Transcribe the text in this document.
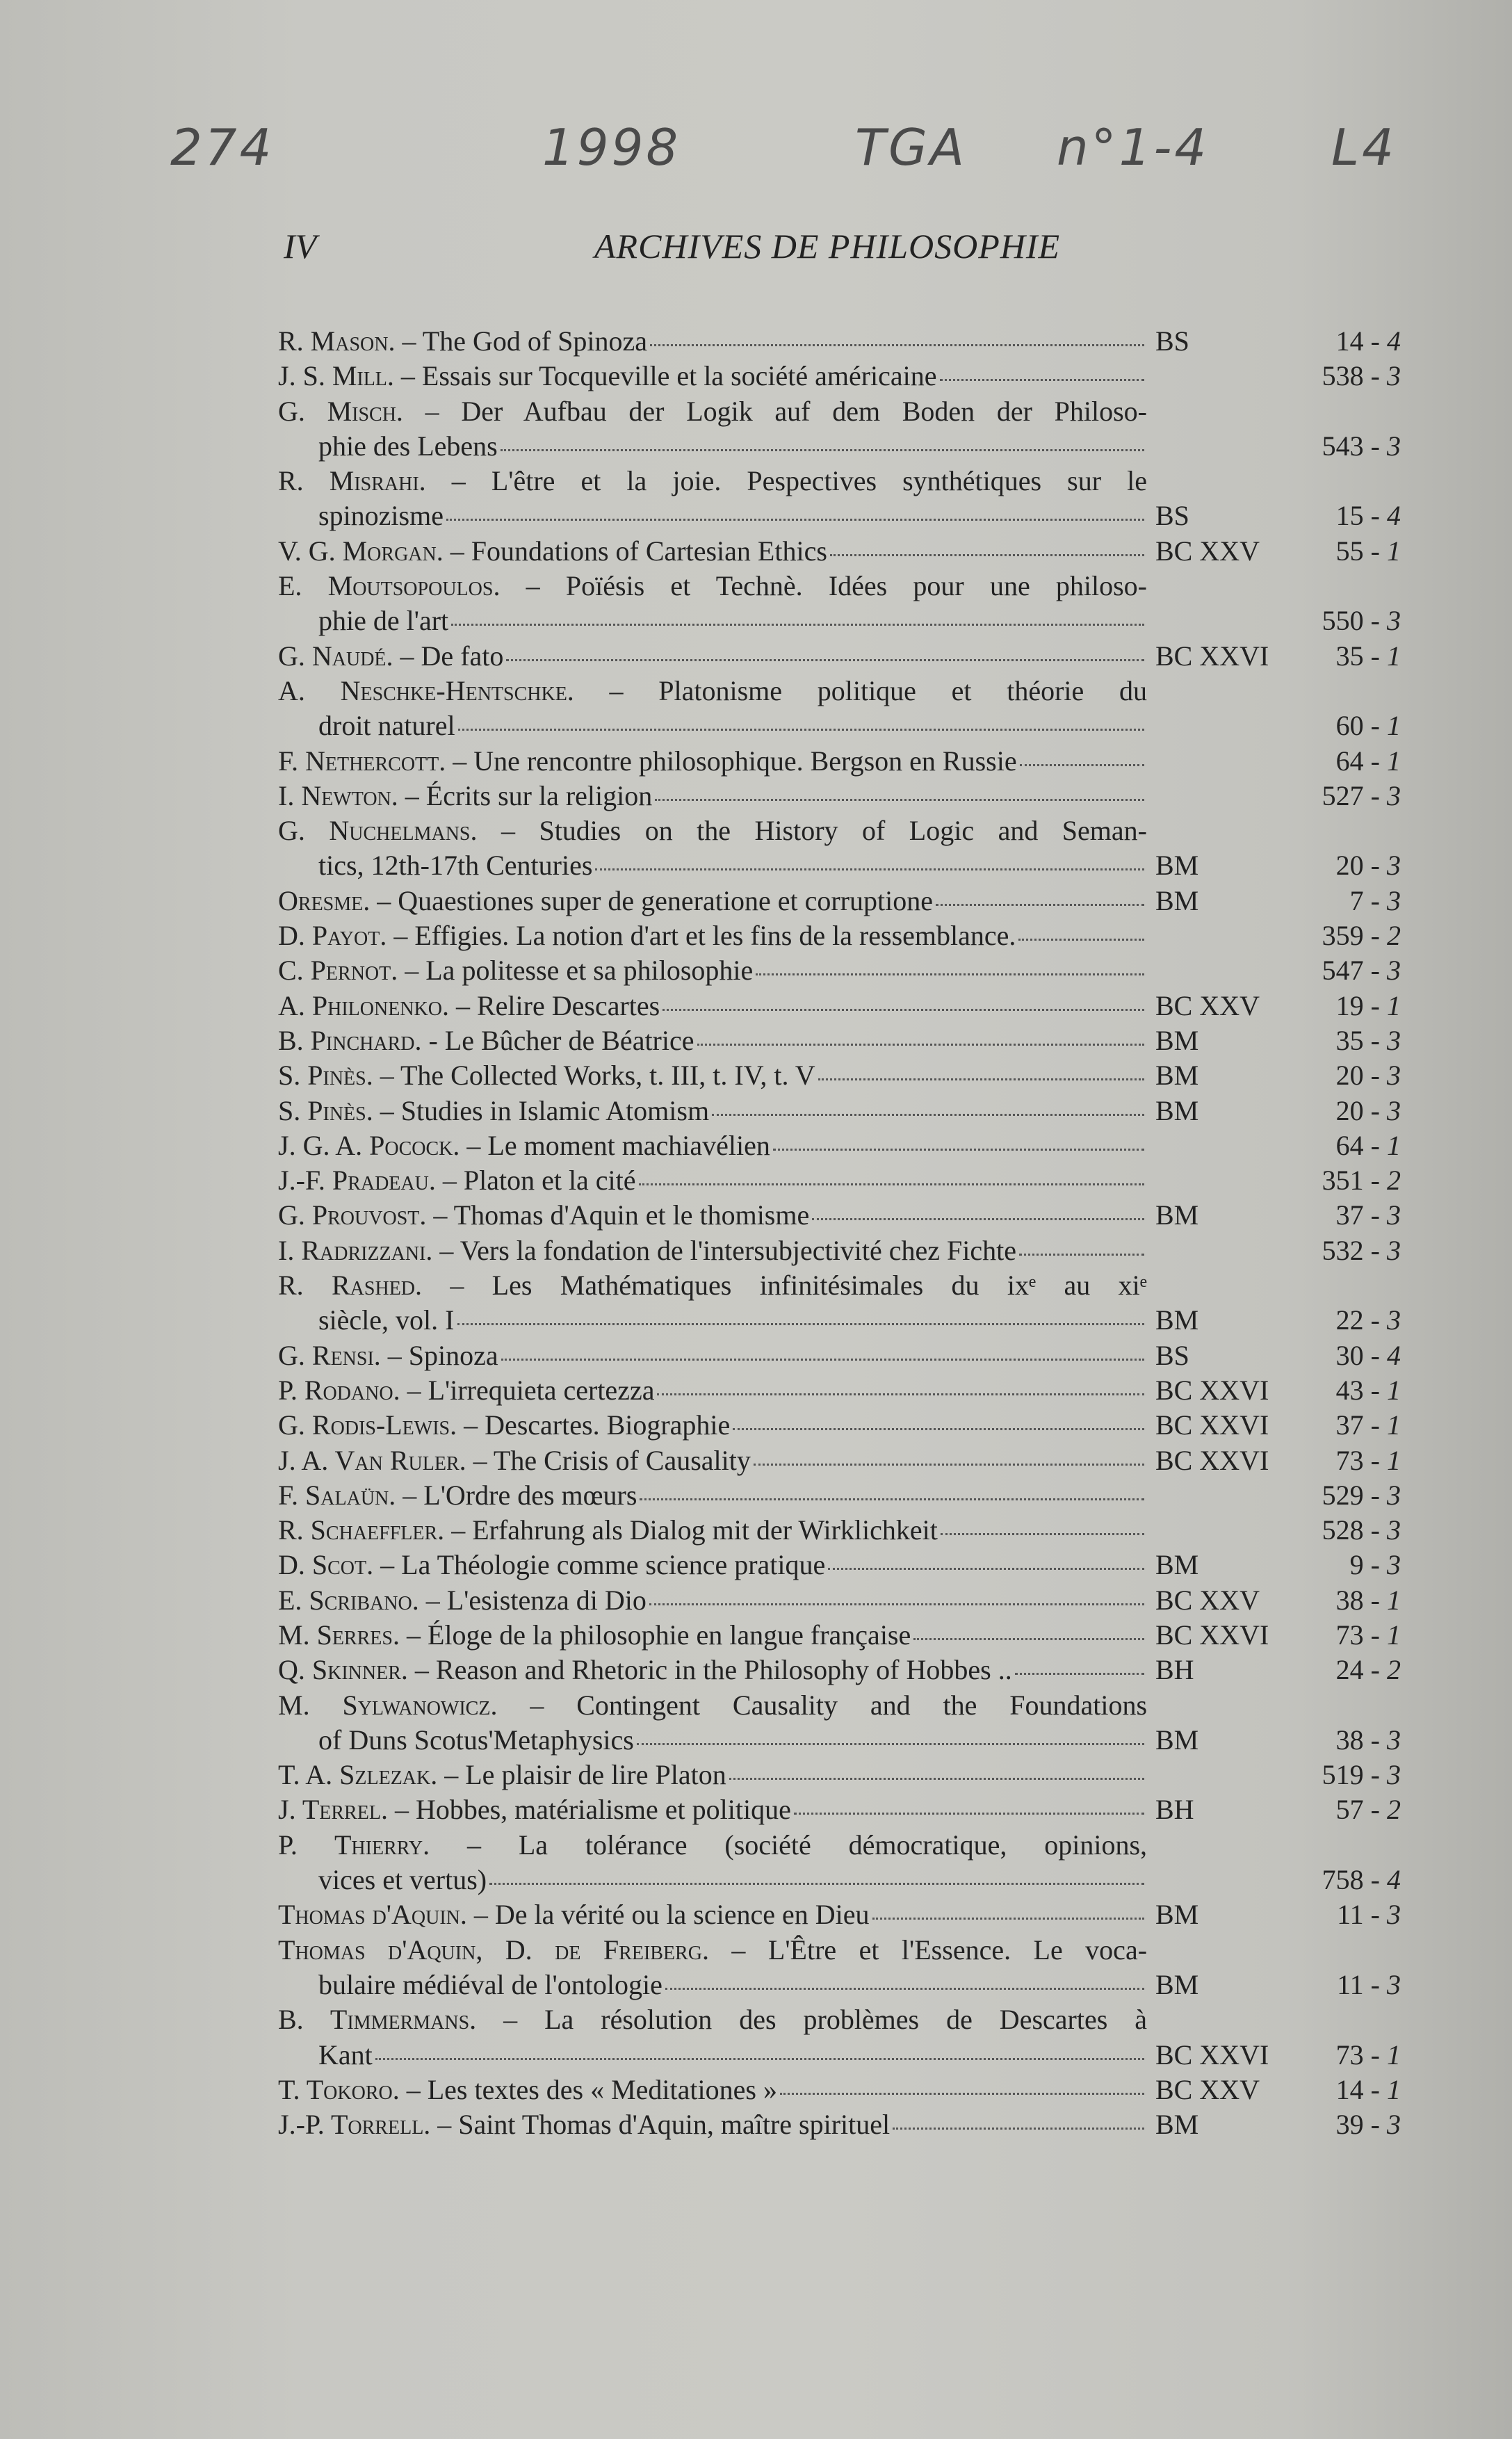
274	1998	TGA n°1-4 L4
IV	ARCHIVES DE PHILOSOPHIE
R. Mason. – The God of Spinoza	BS	14 - 4
J. S. Mill. – Essais sur Tocqueville et la société américaine	538 - 3
G. Misch. – Der Aufbau der Logik auf dem Boden der Philoso-
phie des Lebens	543 - 3
R. Misrahi. – L'être et la joie. Pespectives synthétiques sur le
spinozisme	BS	15 - 4
V. G. Morgan. – Foundations of Cartesian Ethics	BC XXV	55 - 1
E. Moutsopoulos. – Poïésis et Technè. Idées pour une philoso-
phie de l'art	550 - 3
G. Naudé. – De fato	BC XXVI	35 - 1
A. Neschke-Hentschke. – Platonisme politique et théorie du
droit naturel	60 - 1
F. Nethercott. – Une rencontre philosophique. Bergson en Russie	64 - 1
I. Newton. – Écrits sur la religion	527 - 3
G. Nuchelmans. – Studies on the History of Logic and Seman-
tics, 12th-17th Centuries	BM	20 - 3
Oresme. – Quaestiones super de generatione et corruptione	BM	7 - 3
D. Payot. – Effigies. La notion d'art et les fins de la ressemblance.	359 - 2
C. Pernot. – La politesse et sa philosophie	547 - 3
A. Philonenko. – Relire Descartes	BC XXV	19 - 1
B. Pinchard. - Le Bûcher de Béatrice	BM	35 - 3
S. Pinès. – The Collected Works, t. III, t. IV, t. V	BM	20 - 3
S. Pinès. – Studies in Islamic Atomism	BM	20 - 3
J. G. A. Pocock. – Le moment machiavélien	64 - 1
J.-F. Pradeau. – Platon et la cité	351 - 2
G. Prouvost. – Thomas d'Aquin et le thomisme	BM	37 - 3
I. Radrizzani. – Vers la fondation de l'intersubjectivité chez Fichte	532 - 3
R. Rashed. – Les Mathématiques infinitésimales du ixᵉ au xiᵉ
siècle, vol. I	BM	22 - 3
G. Rensi. – Spinoza	BS	30 - 4
P. Rodano. – L'irrequieta certezza	BC XXVI	43 - 1
G. Rodis-Lewis. – Descartes. Biographie	BC XXVI	37 - 1
J. A. Van Ruler. – The Crisis of Causality	BC XXVI	73 - 1
F. Salaün. – L'Ordre des mœurs	529 - 3
R. Schaeffler. – Erfahrung als Dialog mit der Wirklichkeit	528 - 3
D. Scot. – La Théologie comme science pratique	BM	9 - 3
E. Scribano. – L'esistenza di Dio	BC XXV	38 - 1
M. Serres. – Éloge de la philosophie en langue française	BC XXVI	73 - 1
Q. Skinner. – Reason and Rhetoric in the Philosophy of Hobbes ..	BH	24 - 2
M. Sylwanowicz. – Contingent Causality and the Foundations
of Duns Scotus'Metaphysics	BM	38 - 3
T. A. Szlezak. – Le plaisir de lire Platon	519 - 3
J. Terrel. – Hobbes, matérialisme et politique	BH	57 - 2
P. Thierry. – La tolérance (société démocratique, opinions,
vices et vertus)	758 - 4
Thomas d'Aquin. – De la vérité ou la science en Dieu	BM	11 - 3
Thomas d'Aquin, D. de Freiberg. – L'Être et l'Essence. Le voca-
bulaire médiéval de l'ontologie	BM	11 - 3
B. Timmermans. – La résolution des problèmes de Descartes à
Kant	BC XXVI	73 - 1
T. Tokoro. – Les textes des « Meditationes »	BC XXV	14 - 1
J.-P. Torrell. – Saint Thomas d'Aquin, maître spirituel	BM	39 - 3
